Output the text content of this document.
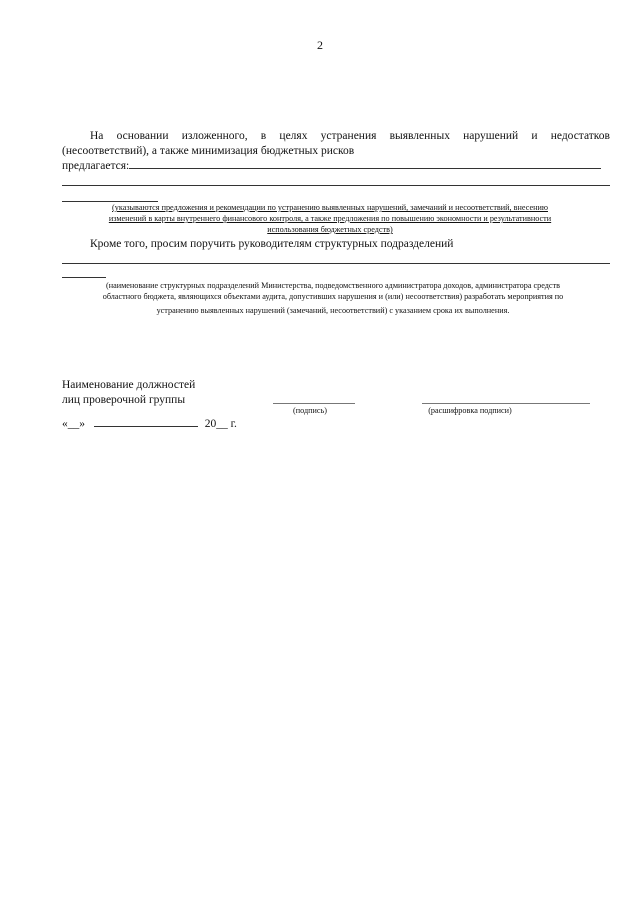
2
На основании изложенного, в целях устранения выявленных нарушений и недостатков
(несоответствий), а также минимизация бюджетных рисков
предлагается:
(указываются предложения и рекомендации по устранению выявленных нарушений, замечаний и несоответствий, внесению
изменений в карты внутреннего финансового контроля, а также предложения по повышению экономности и результативности
использования бюджетных средств)
Кроме того, просим поручить руководителям структурных подразделений
(наименование структурных подразделений Министерства, подведомственного администратора доходов, администратора средств
областного бюджета, являющихся объектами аудита, допустивших нарушения и (или) несоответствия) разработать мероприятия по
устранению выявленных нарушений (замечаний, несоответствий) с указанием срока их выполнения.
Наименование должностей
лиц проверочной группы
(подпись)	(расшифровка подписи)
«__»	20__ г.
